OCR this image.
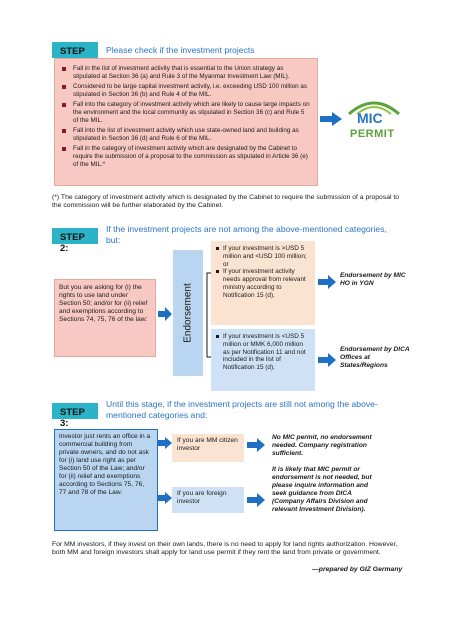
STEP	Please check if the investment projects
Fall in the list of investment activity that is essential to the Union strategy as stipulated at Section 36 (a) and Rule 3 of the Myanmar Investment Law (MIL).
Considered to be large capital investment activity, i.e. exceeding USD 100 million as stipulated in Section 36 (b) and Rule 4 of the MIL.
Fall into the category of investment activity which are likely to cause large impacts on the environment and the local community as stipulated in Section 36 (c) and Rule 5 of the MIL.
Fall into the list of investment activity which use state-owned land and building as stipulated in Section 36 (d) and Rule 6 of the MIL.
Fall in the category of investment activity which are designated by the Cabinet to require the submission of a proposal to the commission as stipulated in Article 36 (e) of the MIL.*
MIC
PERMIT
(*) The category of investment activity which is designated by the Cabinet to require the submission of a proposal to the commission will be further elaborated by the Cabinet.
STEP 2:
If the investment projects are not among the above-mentioned categories, but:
But you are asking for (i) the rights to use land under Section 50; and/or for (ii) relief and exemptions according to Sections 74, 75, 76 of the law:	Endorsement
If your investment is >USD 5 million and <USD 100 million; or
If your investment activity needs approval from relevant ministry according to Notification 15 (d).
If your investment is <USD 5 million or MMK 6,000 million as per Notification 11 and not included in the list of Notification 15 (d).
Endorsement by MIC HO in YGN
Endorsement by DICA Offices at States/Regions
STEP 3:
Until this stage, if the investment projects are still not among the above-mentioned categories and:
Investor just rents an office in a commercial building from private owners, and do not ask for (i) land use right as per Section 50 of the Law; and/or for (ii) relief and exemptions according to Sections 75, 76, 77 and 78 of the Law.
If you are MM citizen investor
If you are foreign investor
No MIC permit, no endorsement needed. Company registration sufficient.
It is likely that MIC permit or endorsement is not needed, but please inquire information and seek guidance from DICA (Company Affairs Division and relevant Investment Division).
For MM investors, if they invest on their own lands, there is no need to apply for land rights authorization. However, both MM and foreign investors shall apply for land use permit if they rent the land from private or government.
—prepared by GIZ Germany
